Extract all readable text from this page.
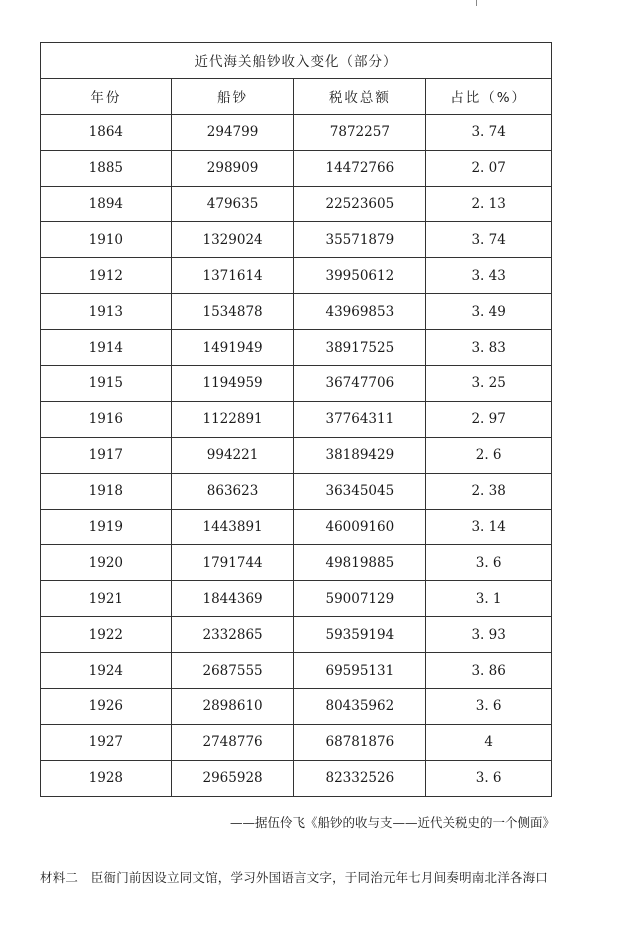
近代海关船钞收入变化（部分）			
年份	船钞	税收总额	占比（%）
1864	294799	7872257	3. 74
1885	298909	14472766	2. 07
1894	479635	22523605	2. 13
1910	1329024	35571879	3. 74
1912	1371614	39950612	3. 43
1913	1534878	43969853	3. 49
1914	1491949	38917525	3. 83
1915	1194959	36747706	3. 25
1916	1122891	37764311	2. 97
1917	994221	38189429	2. 6
1918	863623	36345045	2. 38
1919	1443891	46009160	3. 14
1920	1791744	49819885	3. 6
1921	1844369	59007129	3. 1
1922	2332865	59359194	3. 93
1924	2687555	69595131	3. 86
1926	2898610	80435962	3. 6
1927	2748776	68781876	4
1928	2965928	82332526	3. 6
——据伍伶飞《船钞的收与支——近代关税史的一个侧面》
材料二　臣衙门前因设立同文馆，学习外国语言文字，于同治元年七月间奏明南北洋各海口
